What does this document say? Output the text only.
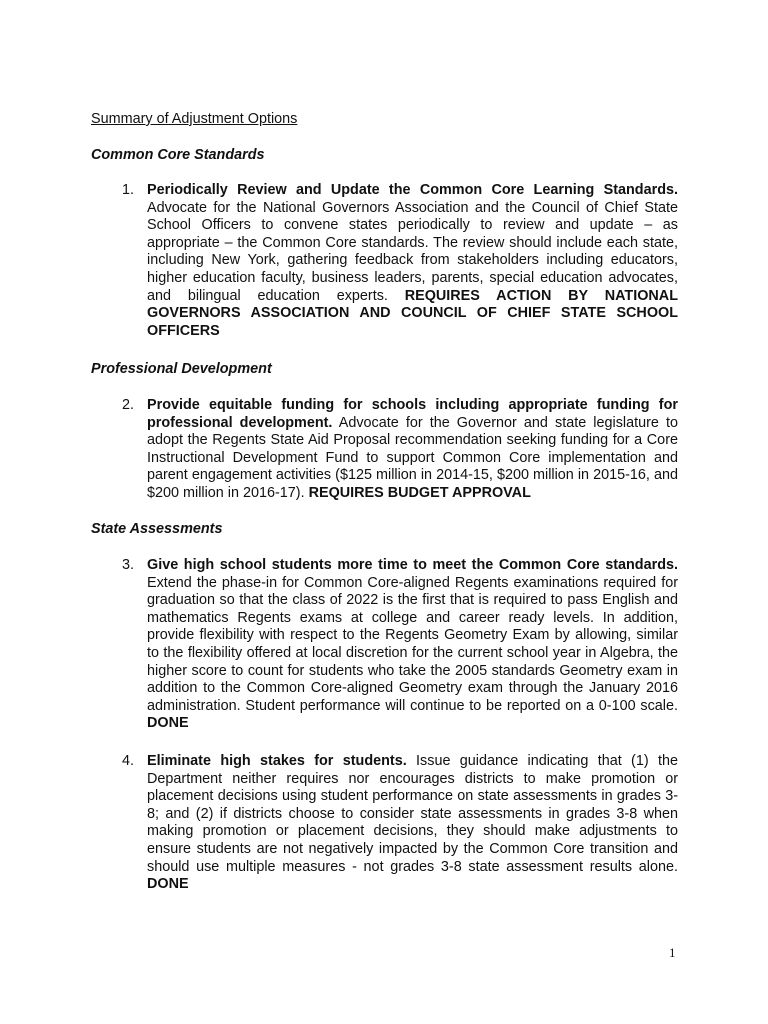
Summary of Adjustment Options
Common Core Standards
1. Periodically Review and Update the Common Core Learning Standards. Advocate for the National Governors Association and the Council of Chief State School Officers to convene states periodically to review and update – as appropriate – the Common Core standards. The review should include each state, including New York, gathering feedback from stakeholders including educators, higher education faculty, business leaders, parents, special education advocates, and bilingual education experts. REQUIRES ACTION BY NATIONAL GOVERNORS ASSOCIATION AND COUNCIL OF CHIEF STATE SCHOOL OFFICERS
Professional Development
2. Provide equitable funding for schools including appropriate funding for professional development. Advocate for the Governor and state legislature to adopt the Regents State Aid Proposal recommendation seeking funding for a Core Instructional Development Fund to support Common Core implementation and parent engagement activities ($125 million in 2014-15, $200 million in 2015-16, and $200 million in 2016-17). REQUIRES BUDGET APPROVAL
State Assessments
3. Give high school students more time to meet the Common Core standards. Extend the phase-in for Common Core-aligned Regents examinations required for graduation so that the class of 2022 is the first that is required to pass English and mathematics Regents exams at college and career ready levels. In addition, provide flexibility with respect to the Regents Geometry Exam by allowing, similar to the flexibility offered at local discretion for the current school year in Algebra, the higher score to count for students who take the 2005 standards Geometry exam in addition to the Common Core-aligned Geometry exam through the January 2016 administration. Student performance will continue to be reported on a 0-100 scale. DONE
4. Eliminate high stakes for students. Issue guidance indicating that (1) the Department neither requires nor encourages districts to make promotion or placement decisions using student performance on state assessments in grades 3-8; and (2) if districts choose to consider state assessments in grades 3-8 when making promotion or placement decisions, they should make adjustments to ensure students are not negatively impacted by the Common Core transition and should use multiple measures - not grades 3-8 state assessment results alone. DONE
1
